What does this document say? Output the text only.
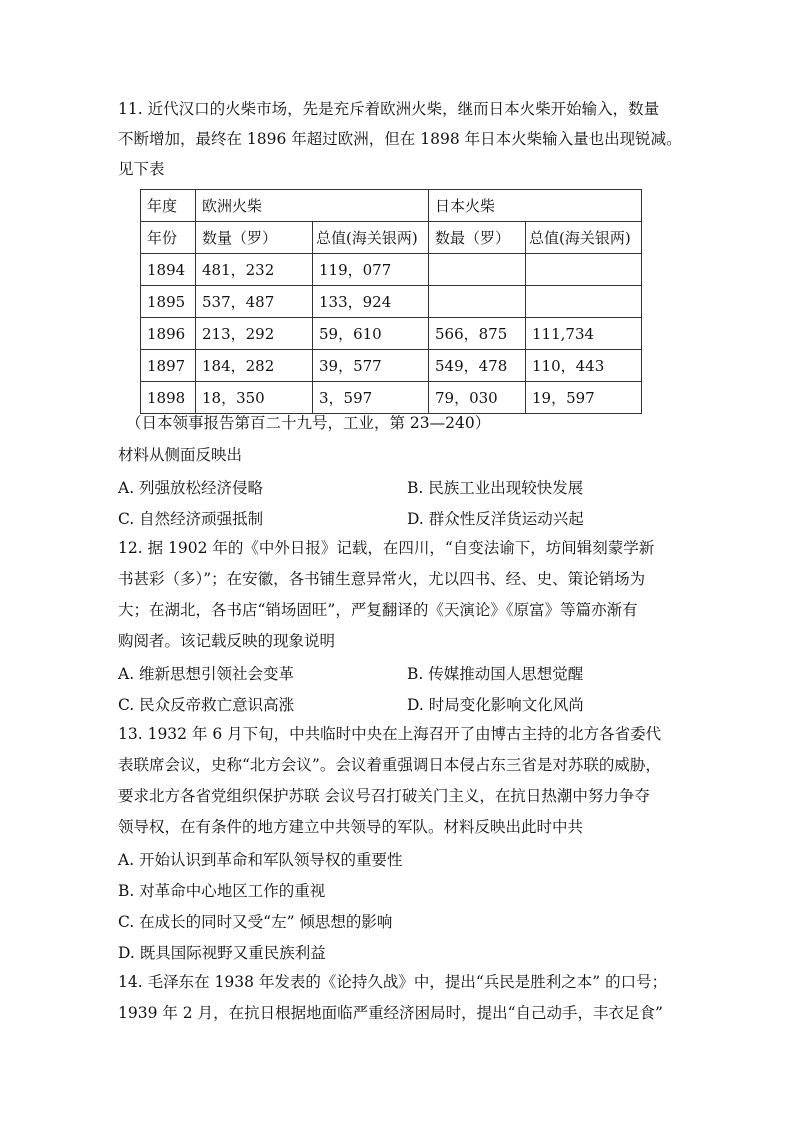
11. 近代汉口的火柴市场，先是充斥着欧洲火柴，继而日本火柴开始输入，数量
不断增加，最终在 1896 年超过欧洲，但在 1898 年日本火柴输入量也出现锐减。
见下表
年度	欧洲火柴		日本火柴	
年份	数量（罗）	总值(海关银两)	数最（罗）	总值(海关银两)
1894	481，232	119，077		
1895	537，487	133，924		
1896	213，292	59，610	566，875	111,734
1897	184，282	39，577	549，478	110，443
1898	18，350	3，597	79，030	19，597
（日本领事报告第百二十九号，工业，第 23—240）
材料从侧面反映出
A. 列强放松经济侵略	B. 民族工业出现较快发展
C. 自然经济顽强抵制	D. 群众性反洋货运动兴起
12. 据 1902 年的《中外日报》记载，在四川，“自变法谕下，坊间辑刻蒙学新
书甚彩（多）”；在安徽，各书铺生意异常火，尤以四书、经、史、策论销场为
大；在湖北，各书店“销场固旺”，严复翻译的《天演论》《原富》等篇亦渐有
购阅者。该记载反映的现象说明
A. 维新思想引领社会变革	B. 传媒推动国人思想觉醒
C. 民众反帝救亡意识高涨	D. 时局变化影响文化风尚
13. 1932 年 6 月下旬，中共临时中央在上海召开了由博古主持的北方各省委代
表联席会议，史称“北方会议”。会议着重强调日本侵占东三省是对苏联的威胁，
要求北方各省党组织保护苏联 会议号召打破关门主义，在抗日热潮中努力争夺
领导权，在有条件的地方建立中共领导的军队。材料反映出此时中共
A. 开始认识到革命和军队领导权的重要性
B. 对革命中心地区工作的重视
C. 在成长的同时又受“左” 倾思想的影响
D. 既具国际视野又重民族利益
14. 毛泽东在 1938 年发表的《论持久战》中，提出“兵民是胜利之本” 的口号；
1939 年 2 月，在抗日根据地面临严重经济困局时，提出“自己动手，丰衣足食”
